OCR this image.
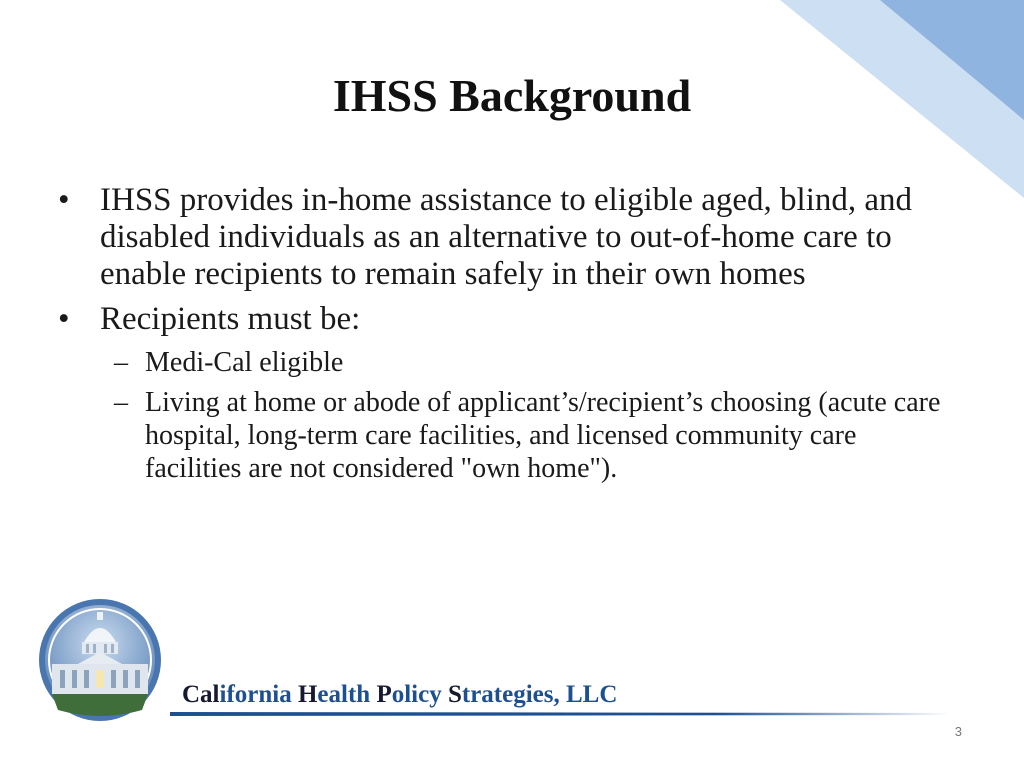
IHSS Background
• IHSS provides in-home assistance to eligible aged, blind, and disabled individuals as an alternative to out-of-home care to enable recipients to remain safely in their own homes
• Recipients must be:
– Medi-Cal eligible
– Living at home or abode of applicant’s/recipient’s choosing (acute care hospital, long-term care facilities, and licensed community care facilities are not considered "own home").
California Health Policy Strategies, LLC
3
